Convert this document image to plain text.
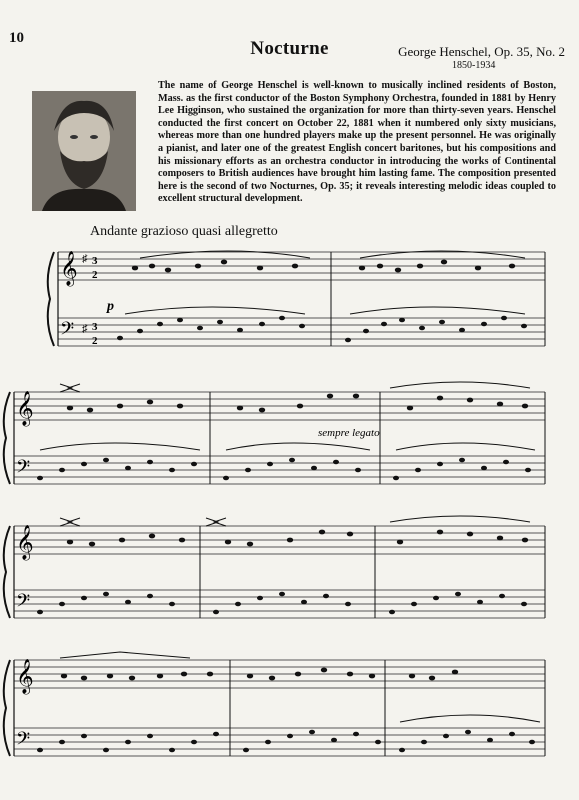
10	Nocturne	George Henschel, Op. 35, No. 2
1850-1934
The name of George Henschel is well-known to musically inclined residents of Boston, Mass. as the first conductor of the Boston Symphony Orchestra, founded in 1881 by Henry Lee Higginson, who sustained the organization for more than thirty-seven years. Henschel conducted the first concert on October 22, 1881 when it numbered only sixty musicians, whereas more than one hundred players make up the present personnel. He was originally a pianist, and later one of the greatest English concert baritones, but his compositions and his missionary efforts as an orchestra conductor in introducing the works of Continental composers to British audiences have brought him lasting fame. The composition presented here is the second of two Nocturnes, Op. 35; it reveals interesting melodic ideas coupled to excellent structural development.
Andante grazioso quasi allegretto
𝄞
𝄢
♯
♯
3
2
3
2
p
𝄞
𝄢
sempre legato
𝄞
𝄢
𝄞
𝄢
